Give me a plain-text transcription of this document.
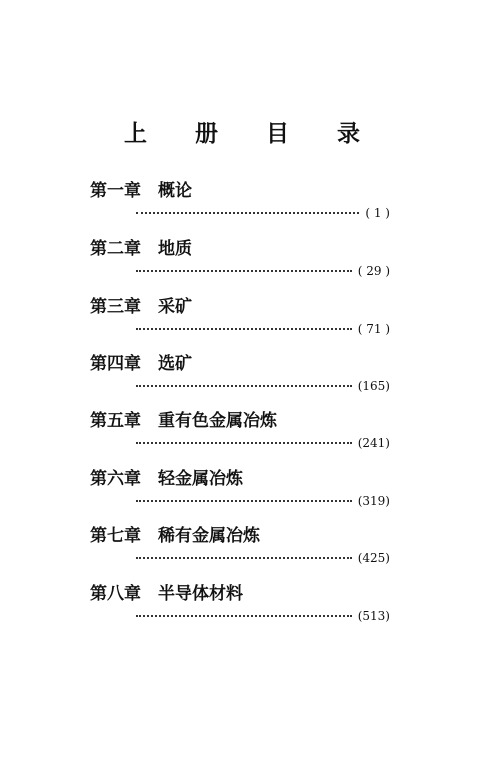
上 册 目 录
第一章 概论
( 1 )
第二章 地质
( 29 )
第三章 采矿
( 71 )
第四章 选矿
(165)
第五章 重有色金属冶炼
(241)
第六章 轻金属冶炼
(319)
第七章 稀有金属冶炼
(425)
第八章 半导体材料
(513)
